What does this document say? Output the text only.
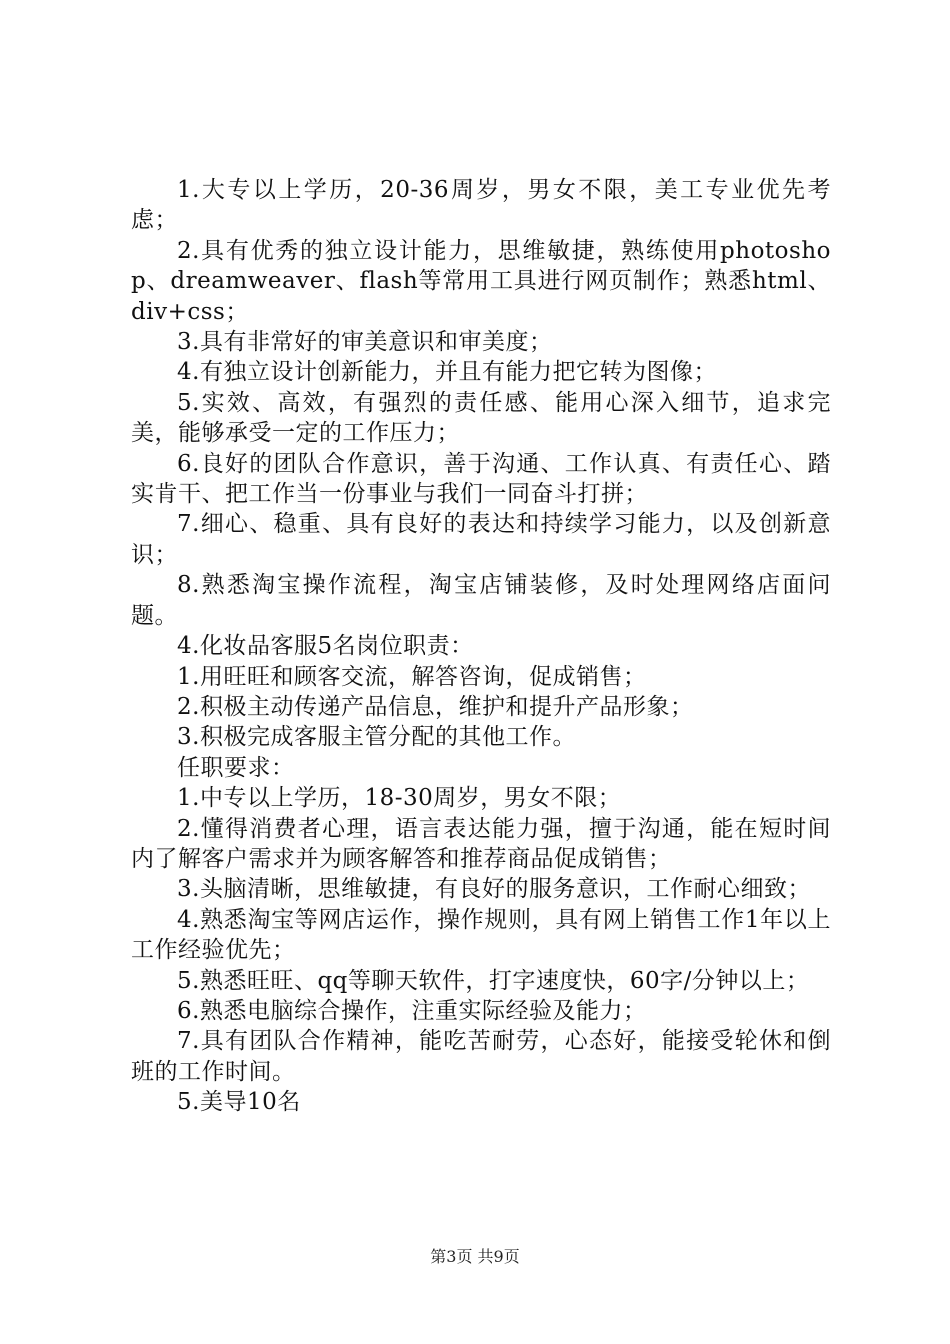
1.大专以上学历，20-36周岁，男女不限，美工专业优先考虑；

2.具有优秀的独立设计能力，思维敏捷，熟练使用photoshop、dreamweaver、flash等常用工具进行网页制作；熟悉html、div+css；

3.具有非常好的审美意识和审美度；

4.有独立设计创新能力，并且有能力把它转为图像；

5.实效、高效，有强烈的责任感、能用心深入细节，追求完美，能够承受一定的工作压力；

6.良好的团队合作意识，善于沟通、工作认真、有责任心、踏实肯干、把工作当一份事业与我们一同奋斗打拼；

7.细心、稳重、具有良好的表达和持续学习能力，以及创新意识；

8.熟悉淘宝操作流程，淘宝店铺装修，及时处理网络店面问题。

4.化妆品客服5名岗位职责：

1.用旺旺和顾客交流，解答咨询，促成销售；

2.积极主动传递产品信息，维护和提升产品形象；

3.积极完成客服主管分配的其他工作。

任职要求：

1.中专以上学历，18-30周岁，男女不限；

2.懂得消费者心理，语言表达能力强，擅于沟通，能在短时间内了解客户需求并为顾客解答和推荐商品促成销售；

3.头脑清晰，思维敏捷，有良好的服务意识，工作耐心细致；

4.熟悉淘宝等网店运作，操作规则，具有网上销售工作1年以上工作经验优先；

5.熟悉旺旺、qq等聊天软件，打字速度快，60字/分钟以上；

6.熟悉电脑综合操作，注重实际经验及能力；

7.具有团队合作精神，能吃苦耐劳，心态好，能接受轮休和倒班的工作时间。

5.美导10名

第3页 共9页
